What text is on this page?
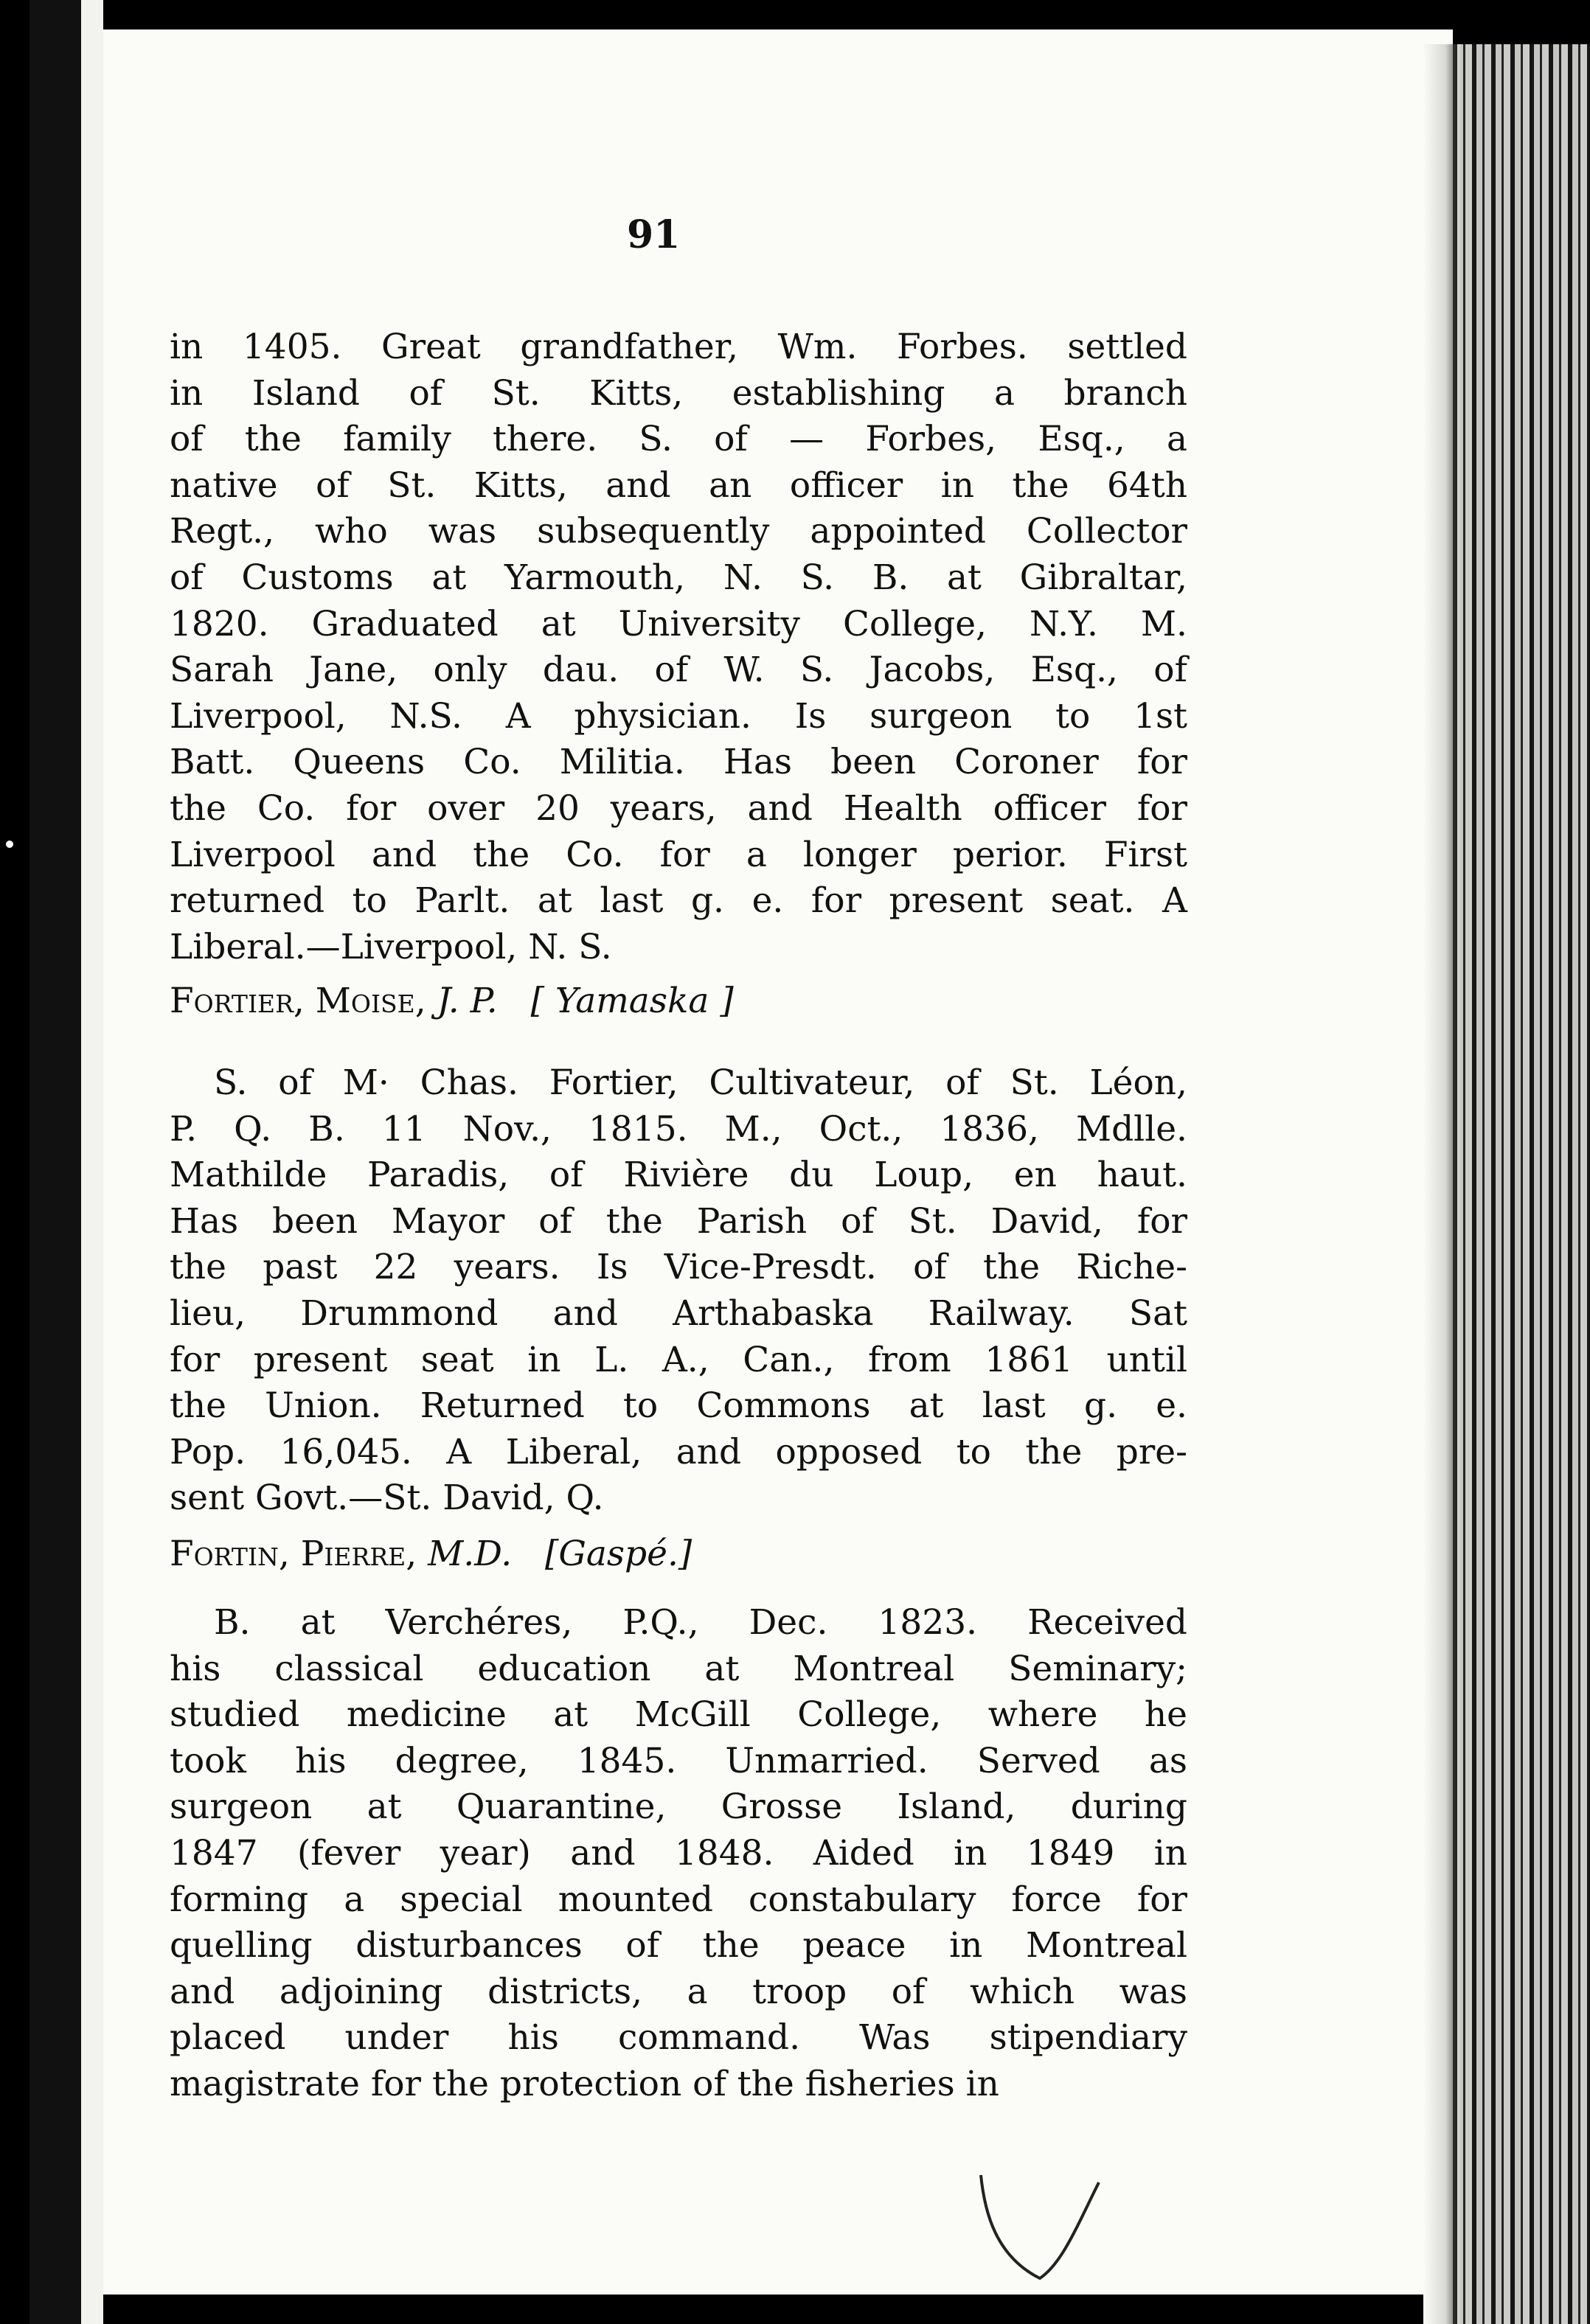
91
in 1405. Great grandfather, Wm. Forbes. settled
in Island of St. Kitts, establishing a branch
of the family there. S. of — Forbes, Esq., a
native of St. Kitts, and an officer in the 64th
Regt., who was subsequently appointed Collector
of Customs at Yarmouth, N. S. B. at Gibraltar,
1820. Graduated at University College, N.Y. M.
Sarah Jane, only dau. of W. S. Jacobs, Esq., of
Liverpool, N.S. A physician. Is surgeon to 1st
Batt. Queens Co. Militia. Has been Coroner for
the Co. for over 20 years, and Health officer for
Liverpool and the Co. for a longer perior. First
returned to Parlt. at last g. e. for present seat. A
Liberal.—Liverpool, N. S.
Fortier, Moise, J. P. [ Yamaska ]
S. of M· Chas. Fortier, Cultivateur, of St. Léon,
P. Q. B. 11 Nov., 1815. M., Oct., 1836, Mdlle.
Mathilde Paradis, of Rivière du Loup, en haut.
Has been Mayor of the Parish of St. David, for
the past 22 years. Is Vice-Presdt. of the Riche-
lieu, Drummond and Arthabaska Railway. Sat
for present seat in L. A., Can., from 1861 until
the Union. Returned to Commons at last g. e.
Pop. 16,045. A Liberal, and opposed to the pre-
sent Govt.—St. David, Q.
Fortin, Pierre, M.D. [Gaspé.]
B. at Verchéres, P.Q., Dec. 1823. Received
his classical education at Montreal Seminary;
studied medicine at McGill College, where he
took his degree, 1845. Unmarried. Served as
surgeon at Quarantine, Grosse Island, during
1847 (fever year) and 1848. Aided in 1849 in
forming a special mounted constabulary force for
quelling disturbances of the peace in Montreal
and adjoining districts, a troop of which was
placed under his command. Was stipendiary
magistrate for the protection of the fisheries in
